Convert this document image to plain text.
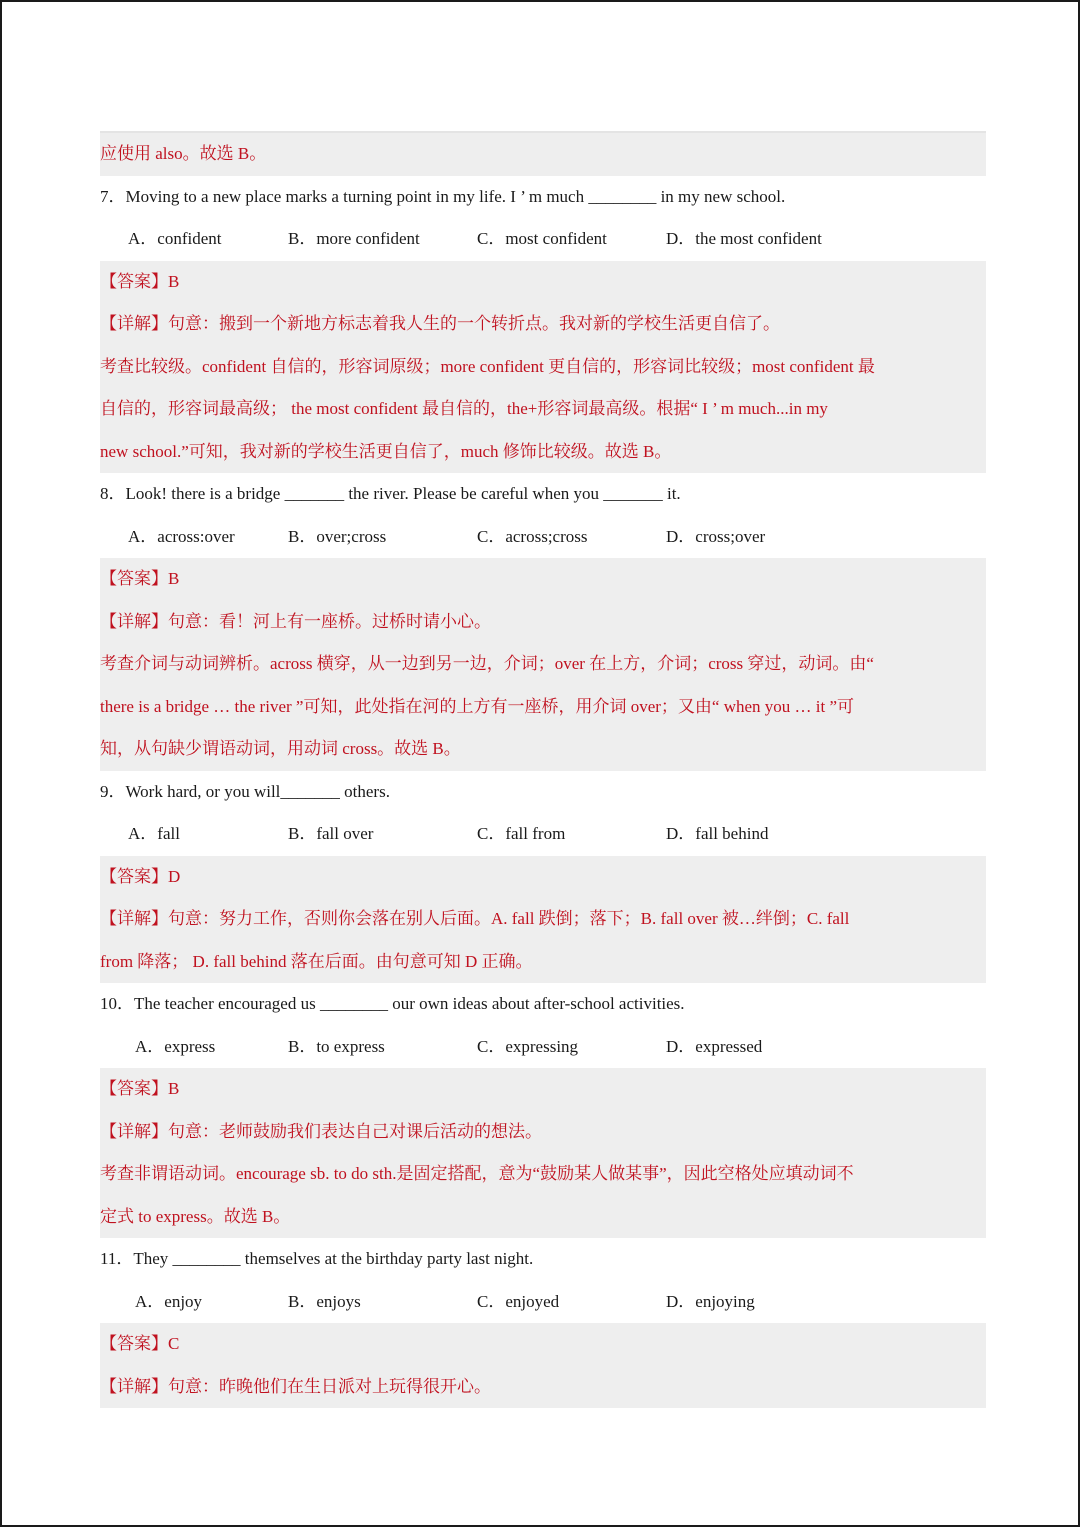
应使用 also。故选 B。
7．Moving to a new place marks a turning point in my life. I ’ m much ________ in my new school.
A．confident	B．more confident	C．most confident	D．the most confident
【答案】B
【详解】句意：搬到一个新地方标志着我人生的一个转折点。我对新的学校生活更自信了。
考查比较级。confident 自信的，形容词原级；more confident 更自信的，形容词比较级；most confident 最
自信的，形容词最高级； the most confident 最自信的，the+形容词最高级。根据“ I ’ m much...in my
new school.”可知，我对新的学校生活更自信了，much 修饰比较级。故选 B。
8．Look! there is a bridge _______ the river. Please be careful when you _______ it.
A．across:over	B．over;cross	C．across;cross	D．cross;over
【答案】B
【详解】句意：看！河上有一座桥。过桥时请小心。
考查介词与动词辨析。across 横穿，从一边到另一边，介词；over 在上方，介词；cross 穿过，动词。由“
there is a bridge … the river ”可知，此处指在河的上方有一座桥，用介词 over；又由“ when you … it ”可
知，从句缺少谓语动词，用动词 cross。故选 B。
9．Work hard, or you will_______ others.
A．fall	B．fall over	C．fall from	D．fall behind
【答案】D
【详解】句意：努力工作，否则你会落在别人后面。A. fall 跌倒；落下；B. fall over 被…绊倒；C. fall
from 降落； D. fall behind 落在后面。由句意可知 D 正确。
10．The teacher encouraged us ________ our own ideas about after-school activities.
A．express	B．to express	C．expressing	D．expressed
【答案】B
【详解】句意：老师鼓励我们表达自己对课后活动的想法。
考查非谓语动词。encourage sb. to do sth.是固定搭配，意为“鼓励某人做某事”，因此空格处应填动词不
定式 to express。故选 B。
11．They ________ themselves at the birthday party last night.
A．enjoy	B．enjoys	C．enjoyed	D．enjoying
【答案】C
【详解】句意：昨晚他们在生日派对上玩得很开心。
